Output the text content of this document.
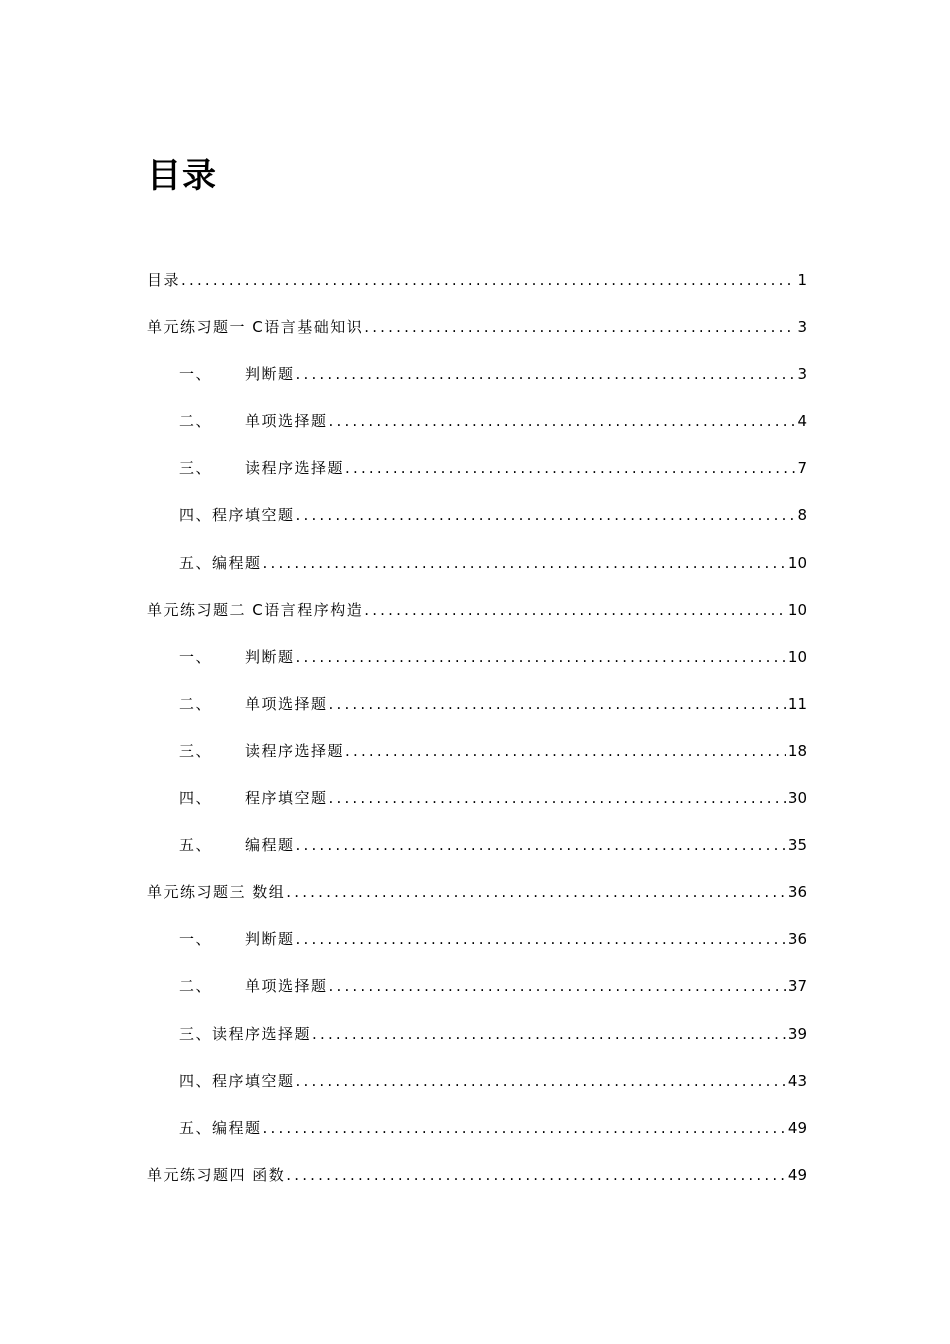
目录
目录 .....	1
单元练习题一 C语言基础知识 .....	3
一、	判断题 .....	3
二、	单项选择题 .....	4
三、	读程序选择题 .....	7
四、 程序填空题 .....	8
五、 编程题 .....	10
单元练习题二 C语言程序构造 .....	10
一、	判断题 .....	10
二、	单项选择题 .....	11
三、	读程序选择题 .....	18
四、	程序填空题 .....	30
五、	编程题 .....	35
单元练习题三 数组 .....	36
一、	判断题 .....	36
二、	单项选择题 .....	37
三、 读程序选择题 .....	39
四、 程序填空题 .....	43
五、 编程题 .....	49
单元练习题四 函数 .....	49
